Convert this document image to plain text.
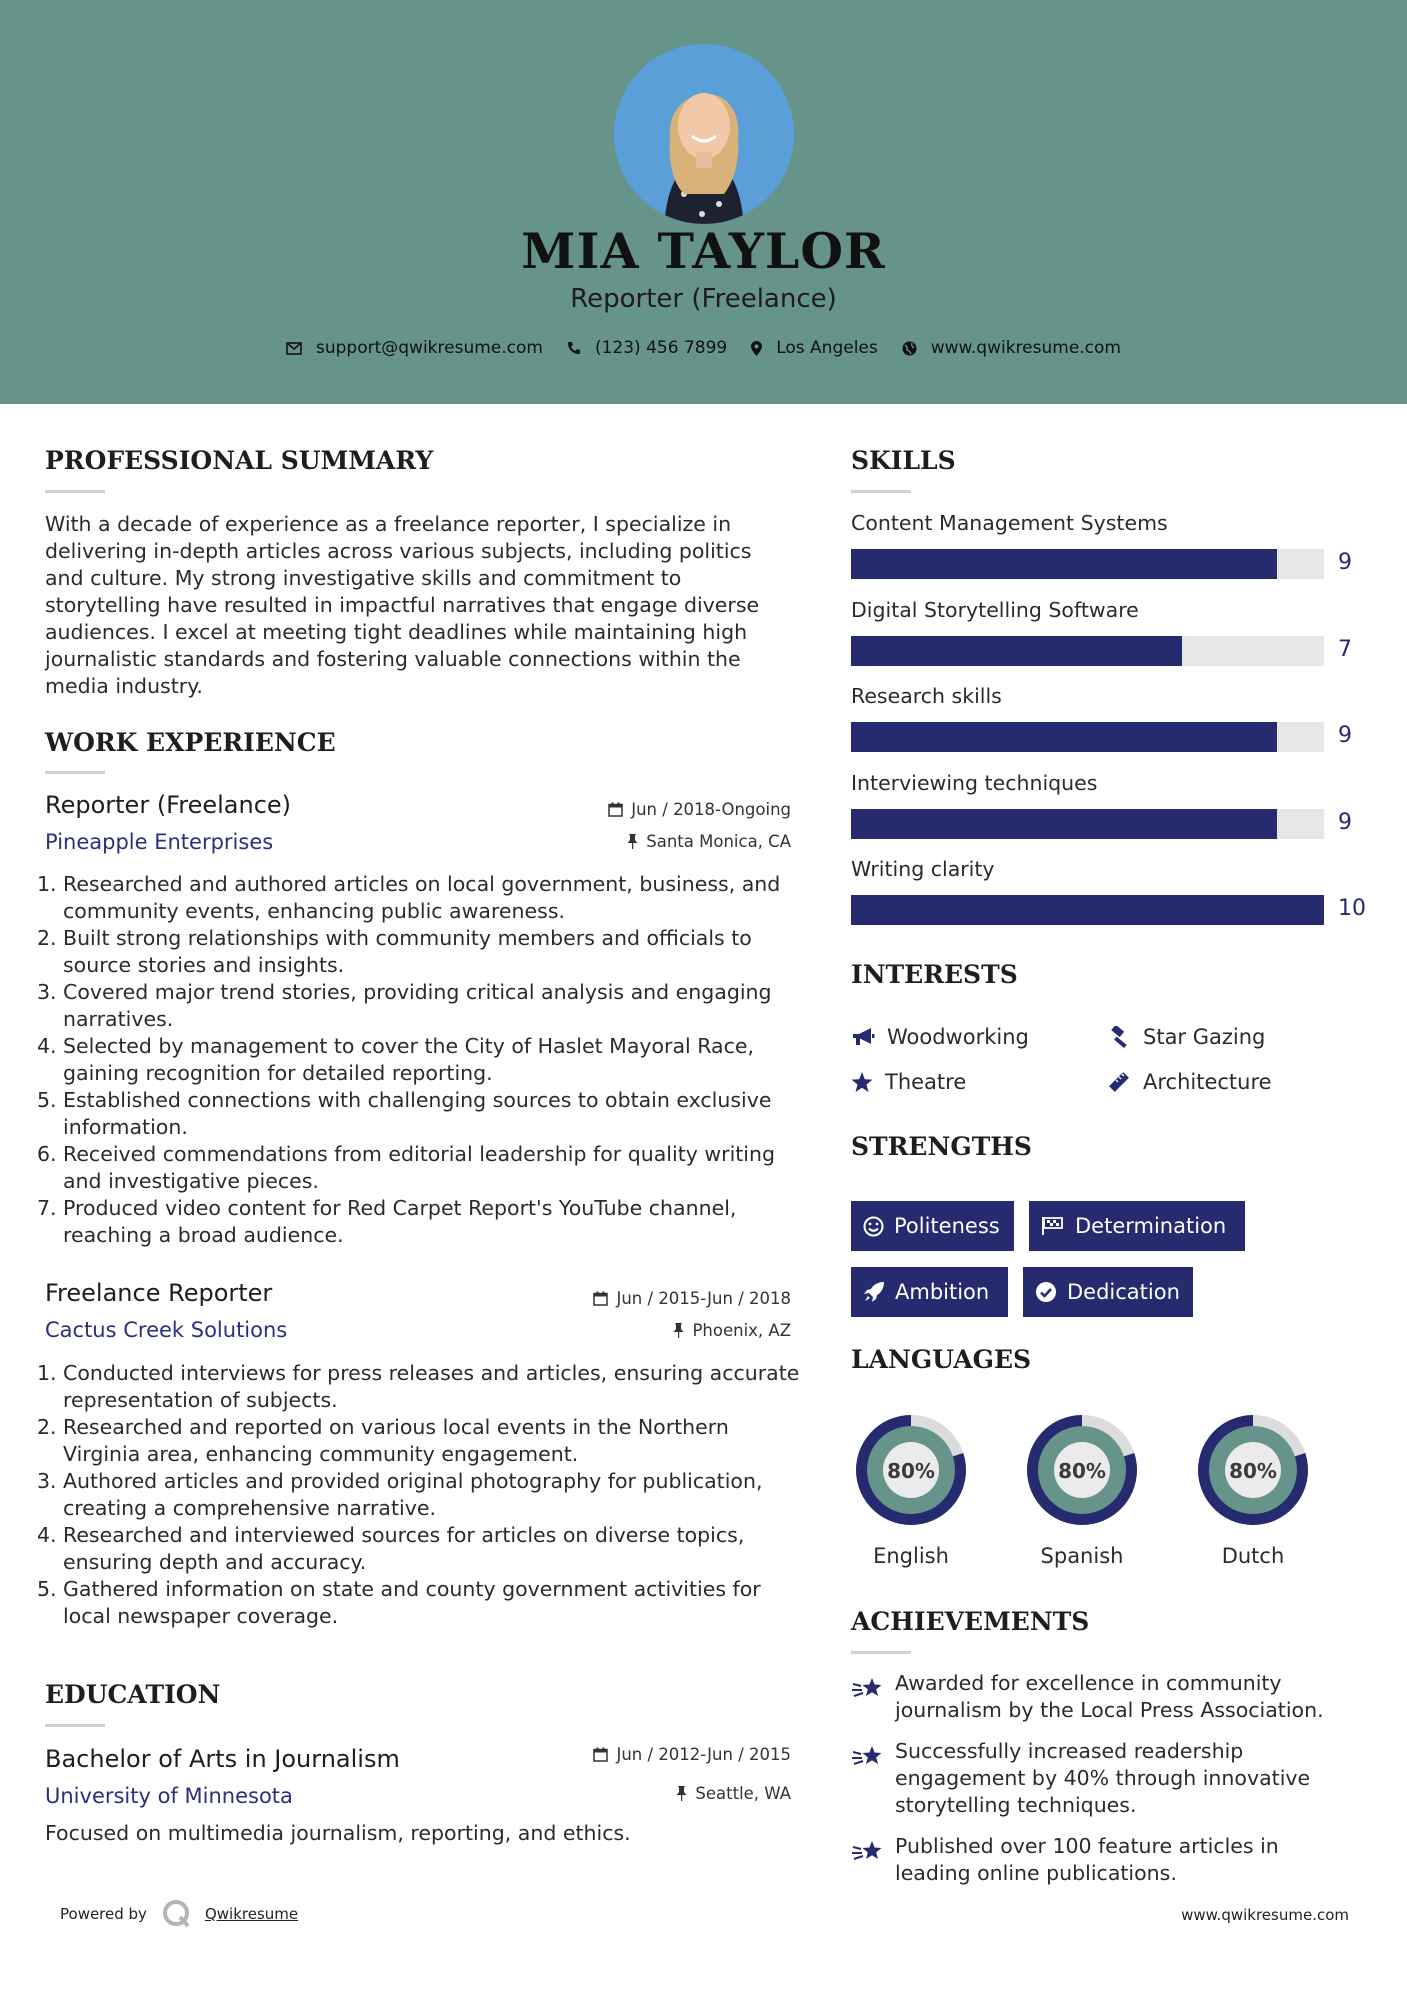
MIA TAYLOR
Reporter (Freelance)
support@qwikresume.com	(123) 456 7899	Los Angeles	www.qwikresume.com
PROFESSIONAL SUMMARY
With a decade of experience as a freelance reporter, I specialize in delivering in-depth articles across various subjects, including politics and culture. My strong investigative skills and commitment to storytelling have resulted in impactful narratives that engage diverse audiences. I excel at meeting tight deadlines while maintaining high journalistic standards and fostering valuable connections within the media industry.
WORK EXPERIENCE
Reporter (Freelance)
Pineapple Enterprises
Jun / 2018-Ongoing
Santa Monica, CA
1. Researched and authored articles on local government, business, and community events, enhancing public awareness.
2. Built strong relationships with community members and officials to source stories and insights.
3. Covered major trend stories, providing critical analysis and engaging narratives.
4. Selected by management to cover the City of Haslet Mayoral Race, gaining recognition for detailed reporting.
5. Established connections with challenging sources to obtain exclusive information.
6. Received commendations from editorial leadership for quality writing and investigative pieces.
7. Produced video content for Red Carpet Report's YouTube channel, reaching a broad audience.
Freelance Reporter
Cactus Creek Solutions
Jun / 2015-Jun / 2018
Phoenix, AZ
1. Conducted interviews for press releases and articles, ensuring accurate representation of subjects.
2. Researched and reported on various local events in the Northern Virginia area, enhancing community engagement.
3. Authored articles and provided original photography for publication, creating a comprehensive narrative.
4. Researched and interviewed sources for articles on diverse topics, ensuring depth and accuracy.
5. Gathered information on state and county government activities for local newspaper coverage.
EDUCATION
Bachelor of Arts in Journalism
University of Minnesota
Jun / 2012-Jun / 2015
Seattle, WA
Focused on multimedia journalism, reporting, and ethics.
SKILLS
Content Management Systems
9
Digital Storytelling Software
7
Research skills
9
Interviewing techniques
9
Writing clarity
10
INTERESTS
Woodworking	Star Gazing
Theatre	Architecture
STRENGTHS
Politeness	Determination
Ambition	Dedication
LANGUAGES
80%
English
80%
Spanish
80%
Dutch
ACHIEVEMENTS
Awarded for excellence in community journalism by the Local Press Association.
Successfully increased readership engagement by 40% through innovative storytelling techniques.
Published over 100 feature articles in leading online publications.
Powered by	Qwikresume	www.qwikresume.com
